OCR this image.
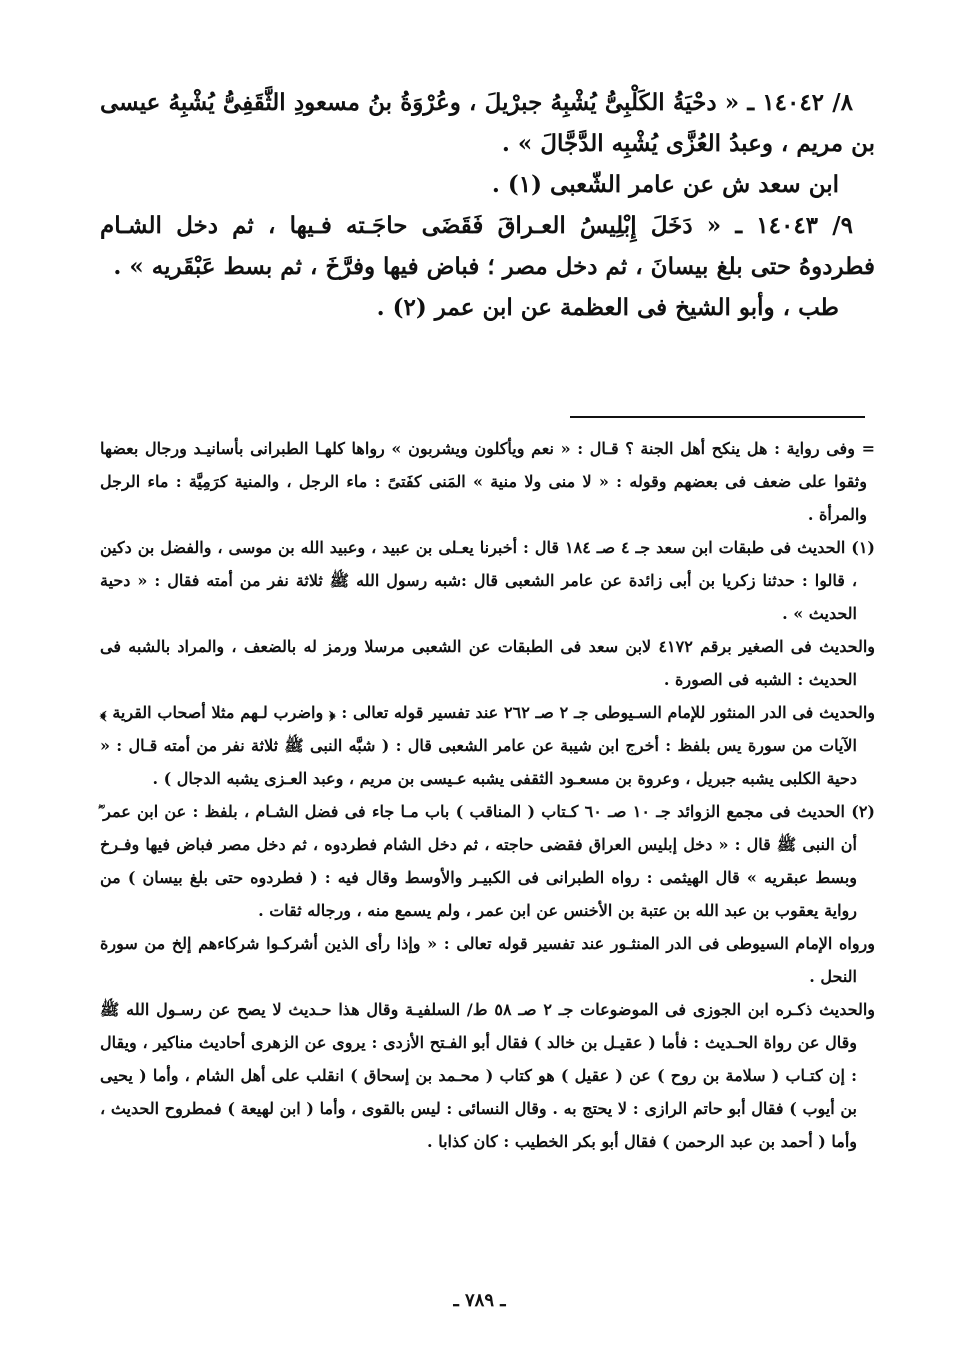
٨/ ١٤٠٤٢ ـ « دحْيَةُ الكَلْبِىُّ يُشْبِهُ جبرْيلَ ، وعُرْوَةُ بنُ مسعودِ الثَّقَفِىُّ يُشْبِهُ عيسى بن مريم ، وعبدُ العُزَّى يُشْبِه الدَّجَّالَ » .

ابن سعد ش عن عامر الشّعبى (١) .

٩/ ١٤٠٤٣ ـ « دَخَلَ إِبْلِيسُ العـراقَ فَقَضَى حاجَـته فـيها ، ثم دخل الشـام فطردوهُ حتى بلغ بيسانَ ، ثم دخل مصر ؛ فباض فيها وفرَّخَ ، ثم بسط عَبْقَريه » .

طب ، وأبو الشيخ فى العظمة عن ابن عمر (٢) .

= وفى رواية : هل ينكح أهل الجنة ؟ قـال : « نعم ويأكلون ويشربون » رواها كلهـا الطبرانى بأسانيـد ورجال بعضها وثقوا على ضعف فى بعضهم وقوله : « لا منى ولا منية » المَنى كفَتىً : ماء الرجل ، والمنية كرَمِيَّة : ماء الرجل والمرأة .

(١) الحديث فى طبقات ابن سعد جـ ٤ صـ ١٨٤ قال : أخبرنا يعـلى بن عبيد ، وعبيد الله بن موسى ، والفضل بن دكين ، قالوا : حدثنا زكريا بن أبى زائدة عن عامر الشعبى قال :شبه رسول الله ﷺ ثلاثة نفر من أمته فقال : « دحية الحديث » .

والحديث فى الصغير برقم ٤١٧٢ لابن سعد فى الطبقات عن الشعبى مرسلا ورمز له بالضعف ، والمراد بالشبه فى الحديث : الشبه فى الصورة .

والحديث فى الدر المنثور للإمام السـيوطى جـ ٢ صـ ٢٦٢ عند تفسير قوله تعالى : ﴿ واضرب لـهم مثلا أصحاب القرية ﴾ الآيات من سورة يس بلفظ : أخرج ابن شيبة عن عامر الشعبى قال : ( شبَّه النبى ﷺ ثلاثة نفر من أمته قـال : « دحية الكلبى يشبه جبريل ، وعروة بن مسعـود الثقفى يشبه عـيسى بن مريم ، وعبد العـزى يشبه الدجال ) .

(٢) الحديث فى مجمع الزوائد جـ ١٠ صـ ٦٠ كـتاب ( المناقب ) باب مـا جاء فى فضل الشـام ، بلفظ : عن ابن عمر ؓ أن النبى ﷺ قال : « دخل إبليس العراق فقضى حاجته ، ثم دخل الشام فطردوه ، ثم دخل مصر فباض فيها وفـرخ وبسط عبقريه » قال الهيثمى : رواه الطبرانى فى الكبيـر والأوسط وقال فيه : ( فطردوه حتى بلغ بيسان ) من رواية يعقوب بن عبد الله بن عتبة بن الأخنس عن ابن عمر ، ولم يسمع منه ، ورجاله ثقات .

ورواه الإمام السيوطى فى الدر المنثـور عند تفسير قوله تعالى : « وإذا رأى الذين أشركـوا شركاءهم إلخ من سورة النحل .

والحديث ذكـره ابن الجوزى فى الموضوعات جـ ٢ صـ ٥٨ ط/ السلفيـة وقال هذا حـديث لا يصح عن رسـول الله ﷺ وقال عن رواة الحـديث : فأما ( عقيـل بن خالد ) فقال أبو الفـتح الأزدى : يروى عن الزهرى أحاديث مناكير ، ويقال : إن كتـاب ( سلامة بن روح ) عن ( عقيل ) هو كتاب ( محـمد بن إسحاق ) انقلب على أهل الشام ، وأما ( يحيى بن أيوب ) فقال أبو حاتم الرازى : لا يحتج به . وقال النسائى : ليس بالقوى ، وأما ( ابن لهيعة ) فمطروح الحديث ، وأما ( أحمد بن عبد الرحمن ) فقال أبو بكر الخطيب : كان كذابا .

ـ ٧٨٩ ـ
